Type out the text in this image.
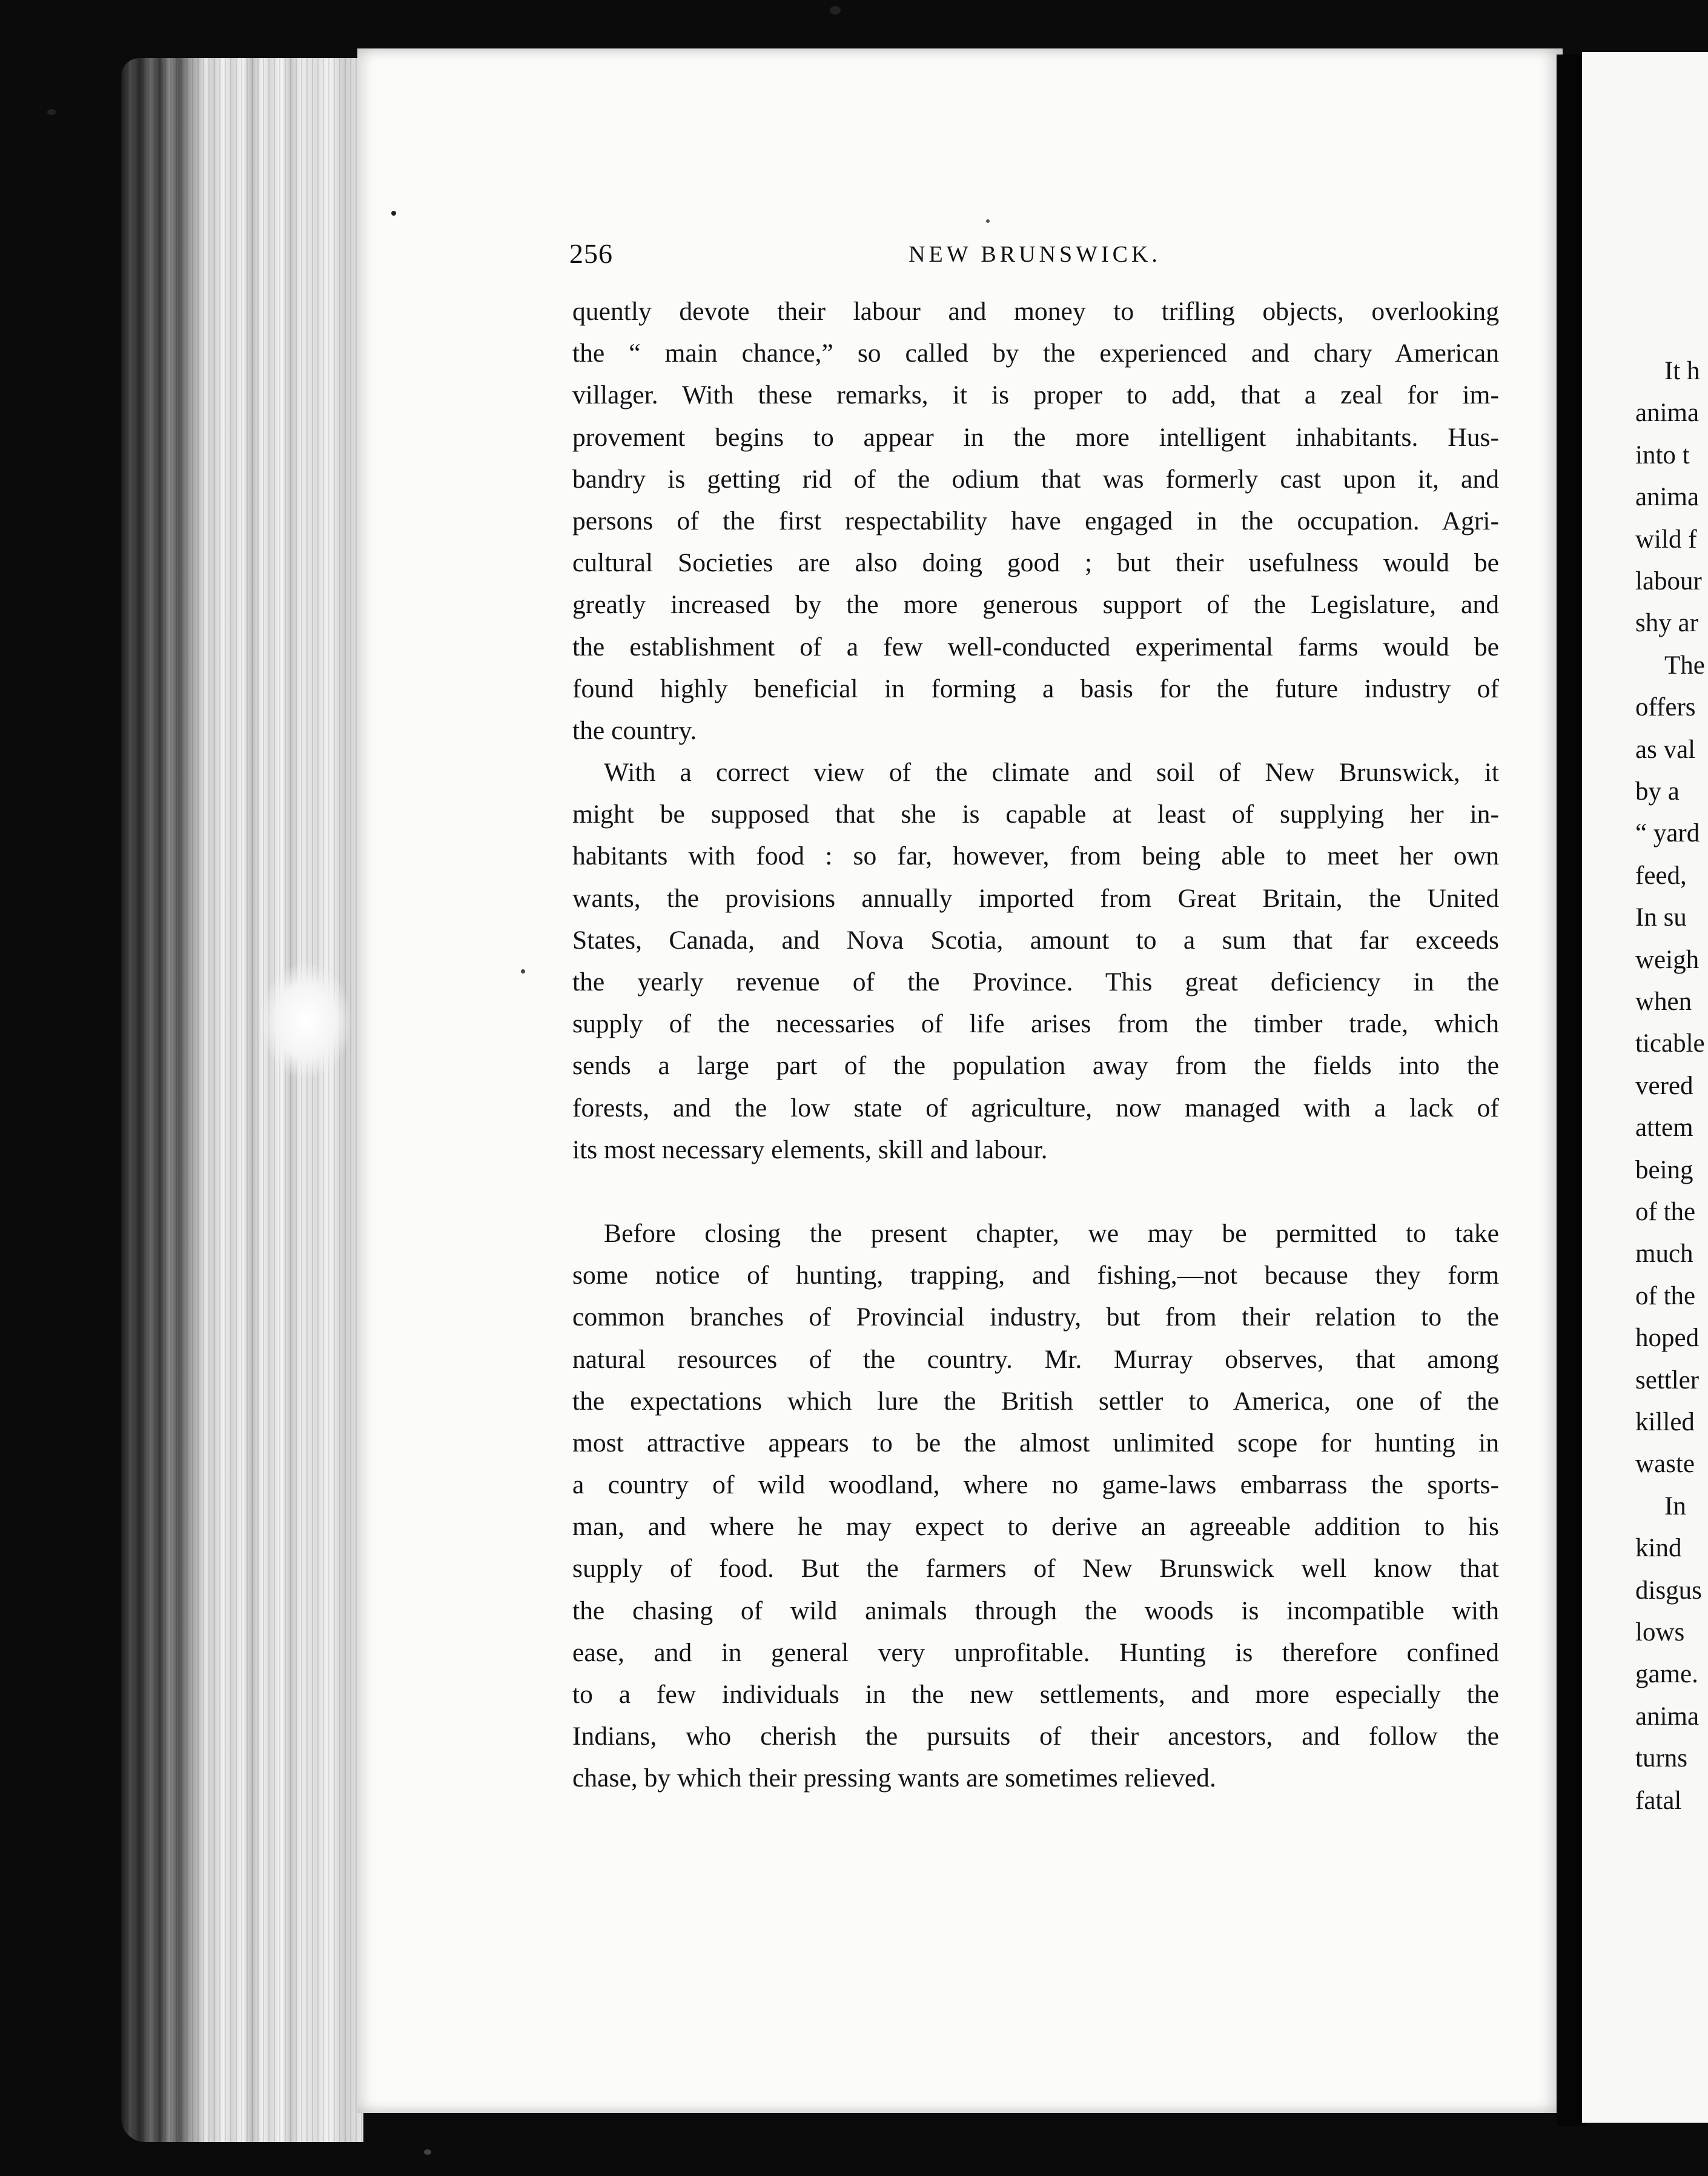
256	NEW BRUNSWICK.
quently devote their labour and money to trifling objects, overlooking
the “ main chance,” so called by the experienced and chary American
villager. With these remarks, it is proper to add, that a zeal for im-
provement begins to appear in the more intelligent inhabitants. Hus-
bandry is getting rid of the odium that was formerly cast upon it, and
persons of the first respectability have engaged in the occupation. Agri-
cultural Societies are also doing good ; but their usefulness would be
greatly increased by the more generous support of the Legislature, and
the establishment of a few well-conducted experimental farms would be
found highly beneficial in forming a basis for the future industry of
the country.
With a correct view of the climate and soil of New Brunswick, it
might be supposed that she is capable at least of supplying her in-
habitants with food : so far, however, from being able to meet her own
wants, the provisions annually imported from Great Britain, the United
States, Canada, and Nova Scotia, amount to a sum that far exceeds
the yearly revenue of the Province. This great deficiency in the
supply of the necessaries of life arises from the timber trade, which
sends a large part of the population away from the fields into the
forests, and the low state of agriculture, now managed with a lack of
its most necessary elements, skill and labour.
Before closing the present chapter, we may be permitted to take
some notice of hunting, trapping, and fishing,—not because they form
common branches of Provincial industry, but from their relation to the
natural resources of the country. Mr. Murray observes, that among
the expectations which lure the British settler to America, one of the
most attractive appears to be the almost unlimited scope for hunting in
a country of wild woodland, where no game-laws embarrass the sports-
man, and where he may expect to derive an agreeable addition to his
supply of food. But the farmers of New Brunswick well know that
the chasing of wild animals through the woods is incompatible with
ease, and in general very unprofitable. Hunting is therefore confined
to a few individuals in the new settlements, and more especially the
Indians, who cherish the pursuits of their ancestors, and follow the
chase, by which their pressing wants are sometimes relieved.
It h
anima
into t
anima
wild f
labour
shy ar
The
offers
as val
by a
“ yard
feed,
In su
weigh
when
ticable
vered
attem
being
of the
much
of the
hoped
settler
killed
waste
In
kind
disgus
lows
game.
anima
turns
fatal
